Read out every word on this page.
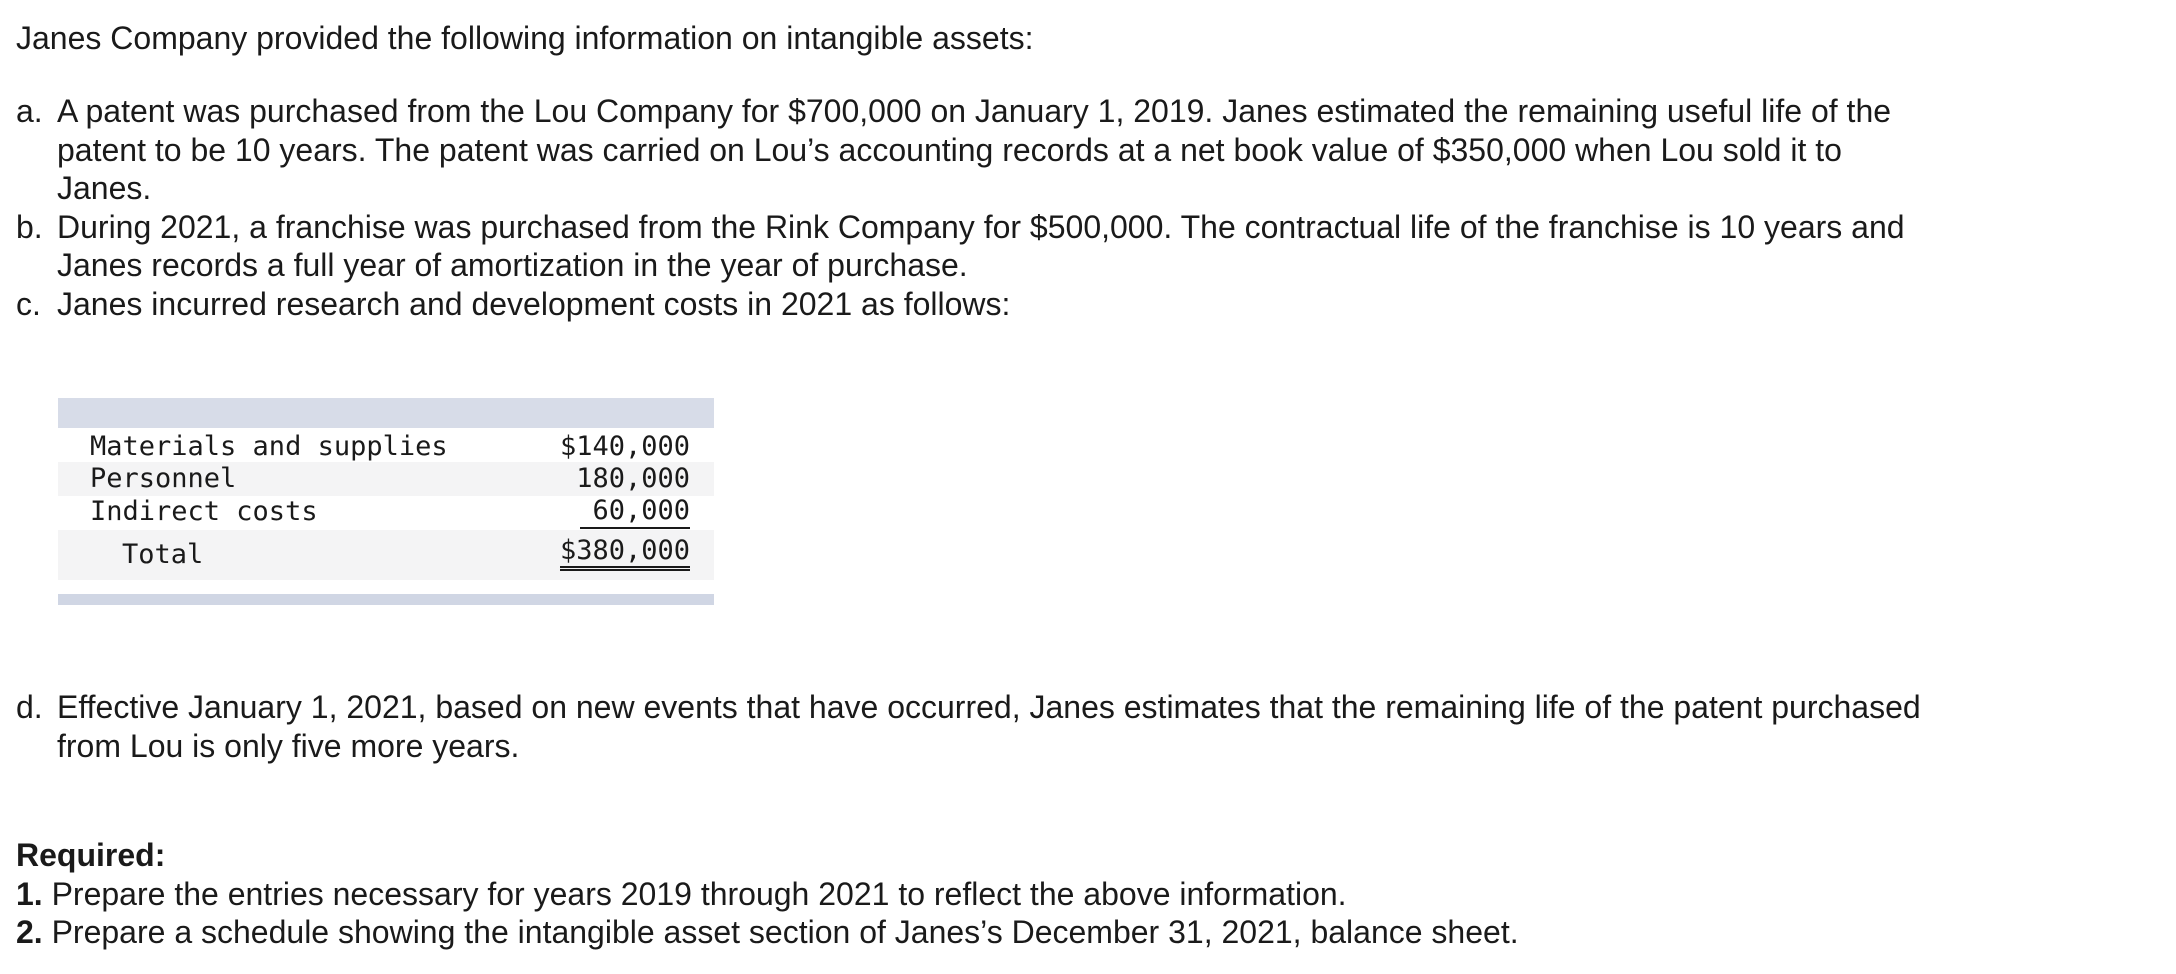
Janes Company provided the following information on intangible assets:

a. A patent was purchased from the Lou Company for $700,000 on January 1, 2019. Janes estimated the remaining useful life of the
patent to be 10 years. The patent was carried on Lou’s accounting records at a net book value of $350,000 when Lou sold it to
Janes.
b. During 2021, a franchise was purchased from the Rink Company for $500,000. The contractual life of the franchise is 10 years and
Janes records a full year of amortization in the year of purchase.
c. Janes incurred research and development costs in 2021 as follows:
Materials and supplies	$140,000
Personnel	180,000
Indirect costs	60,000
Total	$380,000
d. Effective January 1, 2021, based on new events that have occurred, Janes estimates that the remaining life of the patent purchased
from Lou is only five more years.
Required:
1. Prepare the entries necessary for years 2019 through 2021 to reflect the above information.
2. Prepare a schedule showing the intangible asset section of Janes’s December 31, 2021, balance sheet.
